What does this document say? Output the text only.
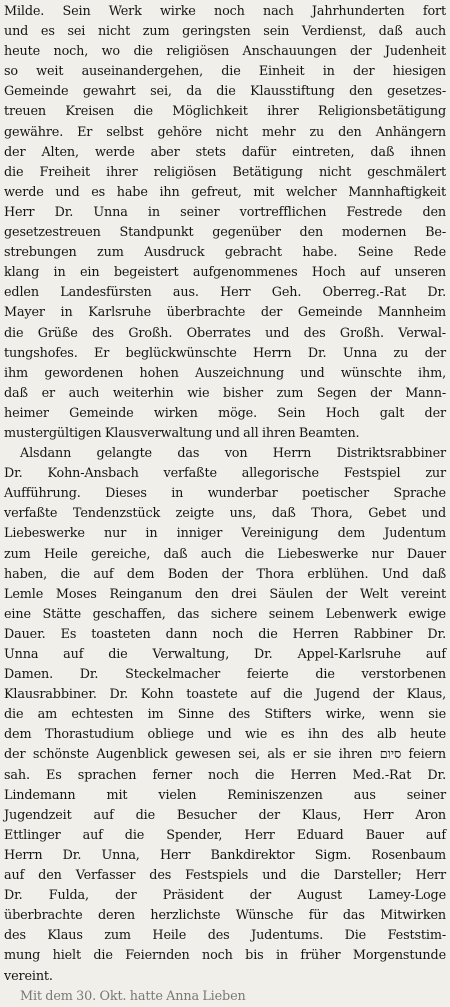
Milde. Sein Werk wirke noch nach Jahrhunderten fort
und es sei nicht zum geringsten sein Verdienst, daß auch
heute noch, wo die religiösen Anschauungen der Judenheit
so weit auseinandergehen, die Einheit in der hiesigen
Gemeinde gewahrt sei, da die Klausstiftung den gesetzes-
treuen Kreisen die Möglichkeit ihrer Religionsbetätigung
gewähre. Er selbst gehöre nicht mehr zu den Anhängern
der Alten, werde aber stets dafür eintreten, daß ihnen
die Freiheit ihrer religiösen Betätigung nicht geschmälert
werde und es habe ihn gefreut, mit welcher Mannhaftigkeit
Herr Dr. Unna in seiner vortrefflichen Festrede den
gesetzestreuen Standpunkt gegenüber den modernen Be-
strebungen zum Ausdruck gebracht habe. Seine Rede
klang in ein begeistert aufgenommenes Hoch auf unseren
edlen Landesfürsten aus. Herr Geh. Oberreg.-Rat Dr.
Mayer in Karlsruhe überbrachte der Gemeinde Mannheim
die Grüße des Großh. Oberrates und des Großh. Verwal-
tungshofes. Er beglückwünschte Herrn Dr. Unna zu der
ihm gewordenen hohen Auszeichnung und wünschte ihm,
daß er auch weiterhin wie bisher zum Segen der Mann-
heimer Gemeinde wirken möge. Sein Hoch galt der
mustergültigen Klausverwaltung und all ihren Beamten.
Alsdann gelangte das von Herrn Distriktsrabbiner
Dr. Kohn-Ansbach verfaßte allegorische Festspiel zur
Aufführung. Dieses in wunderbar poetischer Sprache
verfaßte Tendenzstück zeigte uns, daß Thora, Gebet und
Liebeswerke nur in inniger Vereinigung dem Judentum
zum Heile gereiche, daß auch die Liebeswerke nur Dauer
haben, die auf dem Boden der Thora erblühen. Und daß
Lemle Moses Reinganum den drei Säulen der Welt vereint
eine Stätte geschaffen, das sichere seinem Lebenwerk ewige
Dauer. Es toasteten dann noch die Herren Rabbiner Dr.
Unna auf die Verwaltung, Dr. Appel-Karlsruhe auf
Damen. Dr. Steckelmacher feierte die verstorbenen
Klausrabbiner. Dr. Kohn toastete auf die Jugend der Klaus,
die am echtesten im Sinne des Stifters wirke, wenn sie
dem Thorastudium obliege und wie es ihn des alb heute
der schönste Augenblick gewesen sei, als er sie ihren סיום feiern
sah. Es sprachen ferner noch die Herren Med.-Rat Dr.
Lindemann mit vielen Reminiszenzen aus seiner
Jugendzeit auf die Besucher der Klaus, Herr Aron
Ettlinger auf die Spender, Herr Eduard Bauer auf
Herrn Dr. Unna, Herr Bankdirektor Sigm. Rosenbaum
auf den Verfasser des Festspiels und die Darsteller; Herr
Dr. Fulda, der Präsident der August Lamey-Loge
überbrachte deren herzlichste Wünsche für das Mitwirken
des Klaus zum Heile des Judentums. Die Feststim-
mung hielt die Feiernden noch bis in früher Morgenstunde
vereint.
Mit dem 30. Okt. hatte Anna Lieben
